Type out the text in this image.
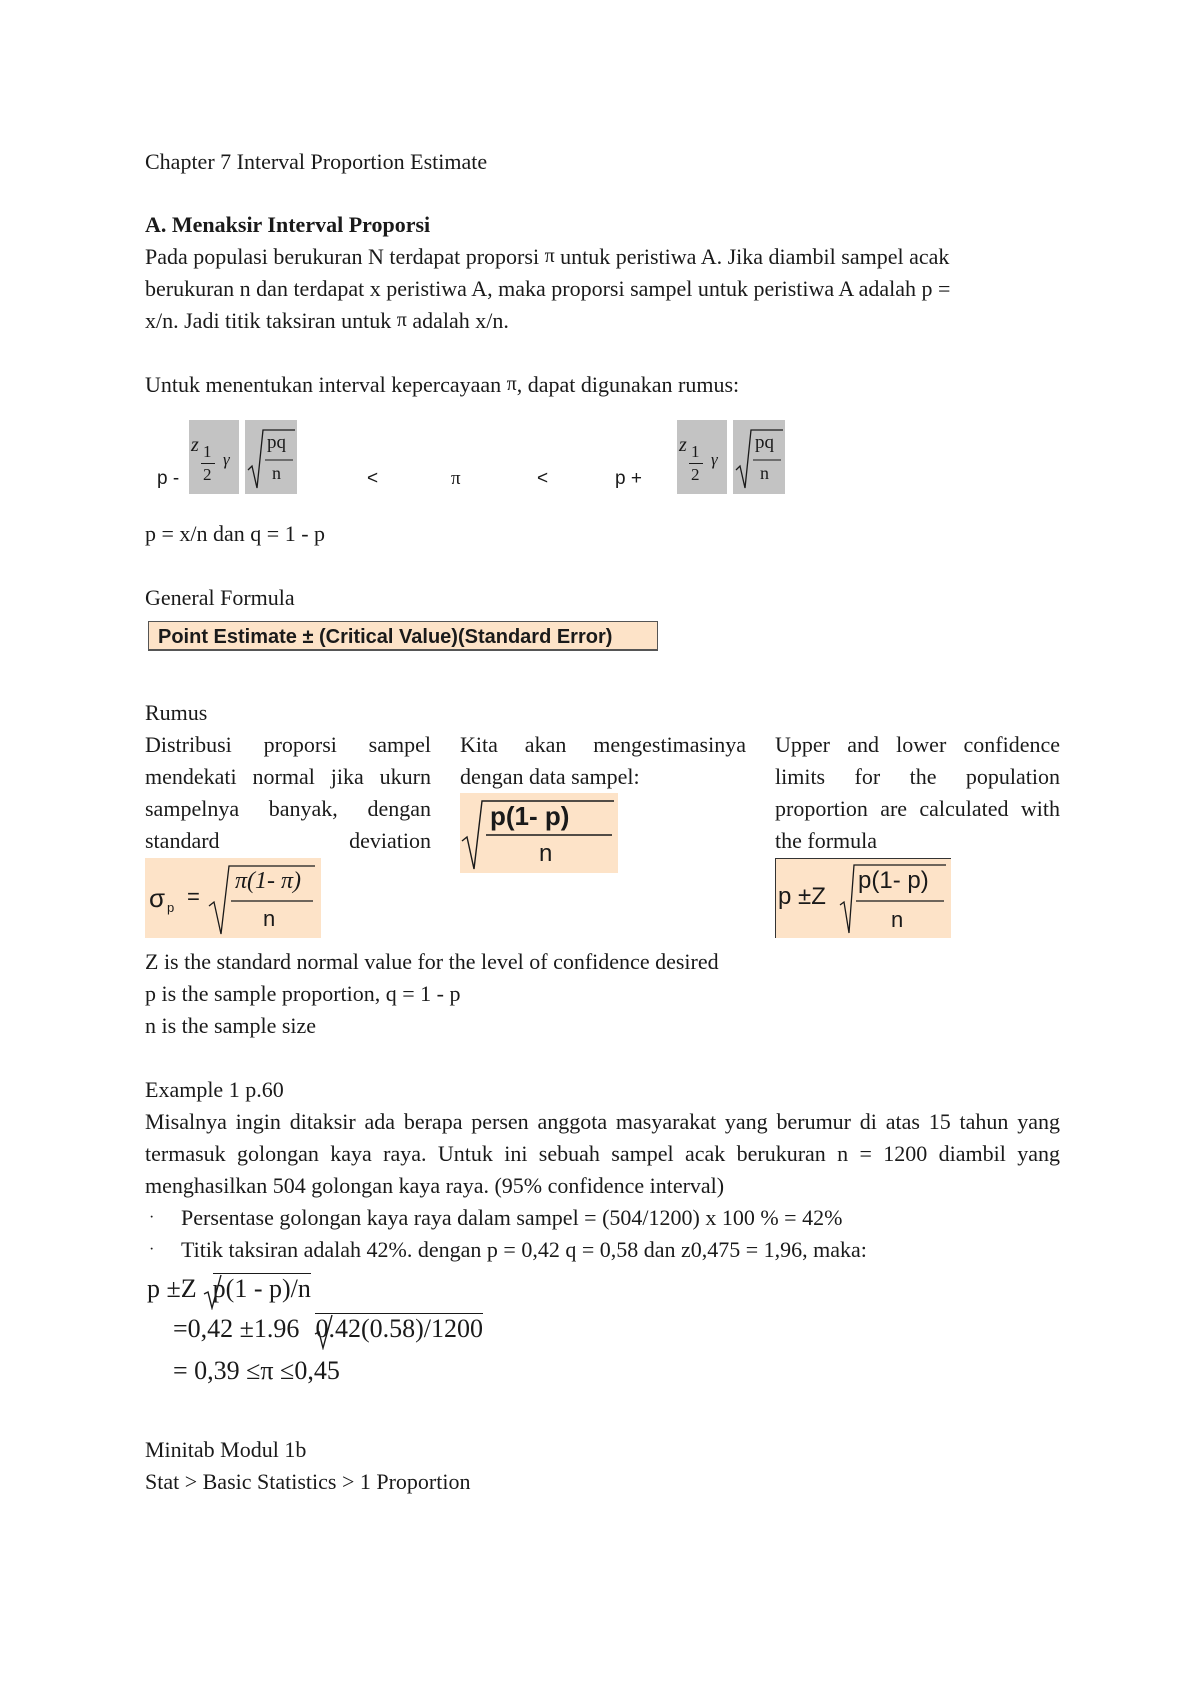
Chapter 7 Interval Proportion Estimate
A. Menaksir Interval Proporsi
Pada populasi berukuran N terdapat proporsi π untuk peristiwa A. Jika diambil sampel acak
berukuran n dan terdapat x peristiwa A, maka proporsi sampel untuk peristiwa A adalah p =
x/n. Jadi titik taksiran untuk π adalah x/n.
Untuk menentukan interval kepercayaan π, dapat digunakan rumus:
p -
z 1
2
γ
pq
n	<	π	<	p +
z 1
2
γ
pq
n
p = x/n dan q = 1 - p
General Formula
Point Estimate ± (Critical Value)(Standard Error)
Rumus
Distribusi proporsi sampel mendekati normal jika ukurn sampelnya banyak, dengan standard deviation
Kita akan mengestimasinya dengan data sampel:
Upper and lower confidence limits for the population proportion are calculated with the formula
σ p =
π(1- π)
n
p(1- p)
n
p ±Z
p(1- p)
n
Z is the standard normal value for the level of confidence desired
p is the sample proportion, q = 1 - p
n is the sample size
Example 1 p.60
Misalnya ingin ditaksir ada berapa persen anggota masyarakat yang berumur di atas 15 tahun yang termasuk golongan kaya raya. Untuk ini sebuah sampel acak berukuran n = 1200 diambil yang menghasilkan 504 golongan kaya raya. (95% confidence interval)
· Persentase golongan kaya raya dalam sampel = (504/1200) x 100 % = 42%
· Titik taksiran adalah 42%. dengan p = 0,42 q = 0,58 dan z0,475 = 1,96, maka:
p ±Z p(1 - p)/n
=0,42 ±1.96 0.42(0.58)/1200
= 0,39 ≤π ≤0,45
Minitab Modul 1b
Stat > Basic Statistics > 1 Proportion
